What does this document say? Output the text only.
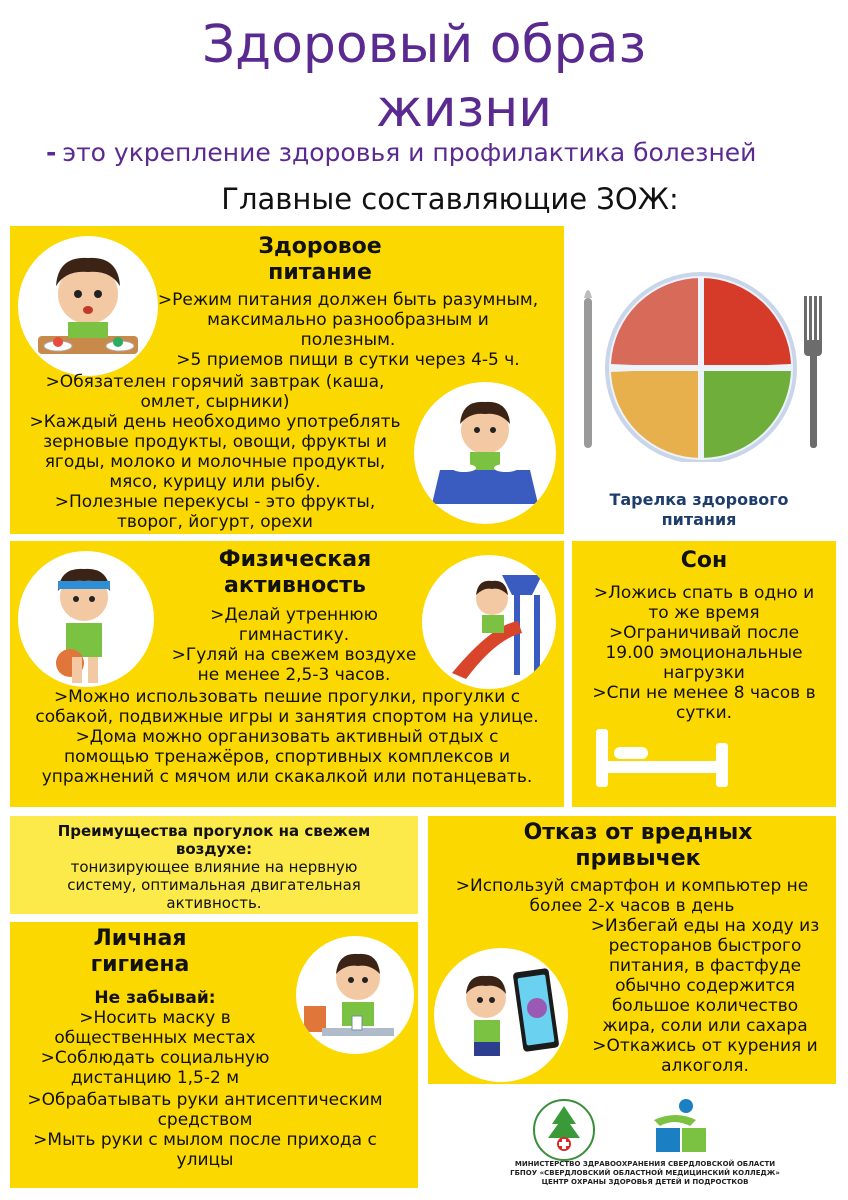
Здоровый образ
жизни
- это укрепление здоровья и профилактика болезней
Главные составляющие ЗОЖ:
Здоровое
питание
>Режим питания должен быть разумным,
максимально разнообразным и
полезным.
>5 приемов пищи в сутки через 4-5 ч.
>Обязателен горячий завтрак (каша,
омлет, сырники)
>Каждый день необходимо употреблять
зерновые продукты, овощи, фрукты и
ягоды, молоко и молочные продукты,
мясо, курицу или рыбу.
>Полезные перекусы - это фрукты,
творог, йогурт, орехи
Тарелка здорового
питания
Физическая
активность
>Делай утреннюю
гимнастику.
>Гуляй на свежем воздухе
не менее 2,5-3 часов.
>Можно использовать пешие прогулки, прогулки с
собакой, подвижные игры и занятия спортом на улице.
>Дома можно организовать активный отдых с
помощью тренажёров, спортивных комплексов и
упражнений с мячом или скакалкой или потанцевать.
Сон
>Ложись спать в одно и
то же время
>Ограничивай после
19.00 эмоциональные
нагрузки
>Спи не менее 8 часов в
сутки.
Преимущества прогулок на свежем
воздухе:
тонизирующее влияние на нервную
систему, оптимальная двигательная
активность.
Отказ от вредных
привычек
>Используй смартфон и компьютер не
более 2-х часов в день
>Избегай еды на ходу из
ресторанов быстрого
питания, в фастфуде
обычно содержится
большое количество
жира, соли или сахара
>Откажись от курения и
алкоголя.
Личная
гигиена
Не забывай:
>Носить маску в
общественных местах
>Соблюдать социальную
дистанцию 1,5-2 м
>Обрабатывать руки антисептическим
средством
>Мыть руки с мылом после прихода с
улицы	МИНИСТЕРСТВО ЗДРАВООХРАНЕНИЯ СВЕРДЛОВСКОЙ ОБЛАСТИ
ГБПОУ «СВЕРДЛОВСКИЙ ОБЛАСТНОЙ МЕДИЦИНСКИЙ КОЛЛЕДЖ»
ЦЕНТР ОХРАНЫ ЗДОРОВЬЯ ДЕТЕЙ И ПОДРОСТКОВ
